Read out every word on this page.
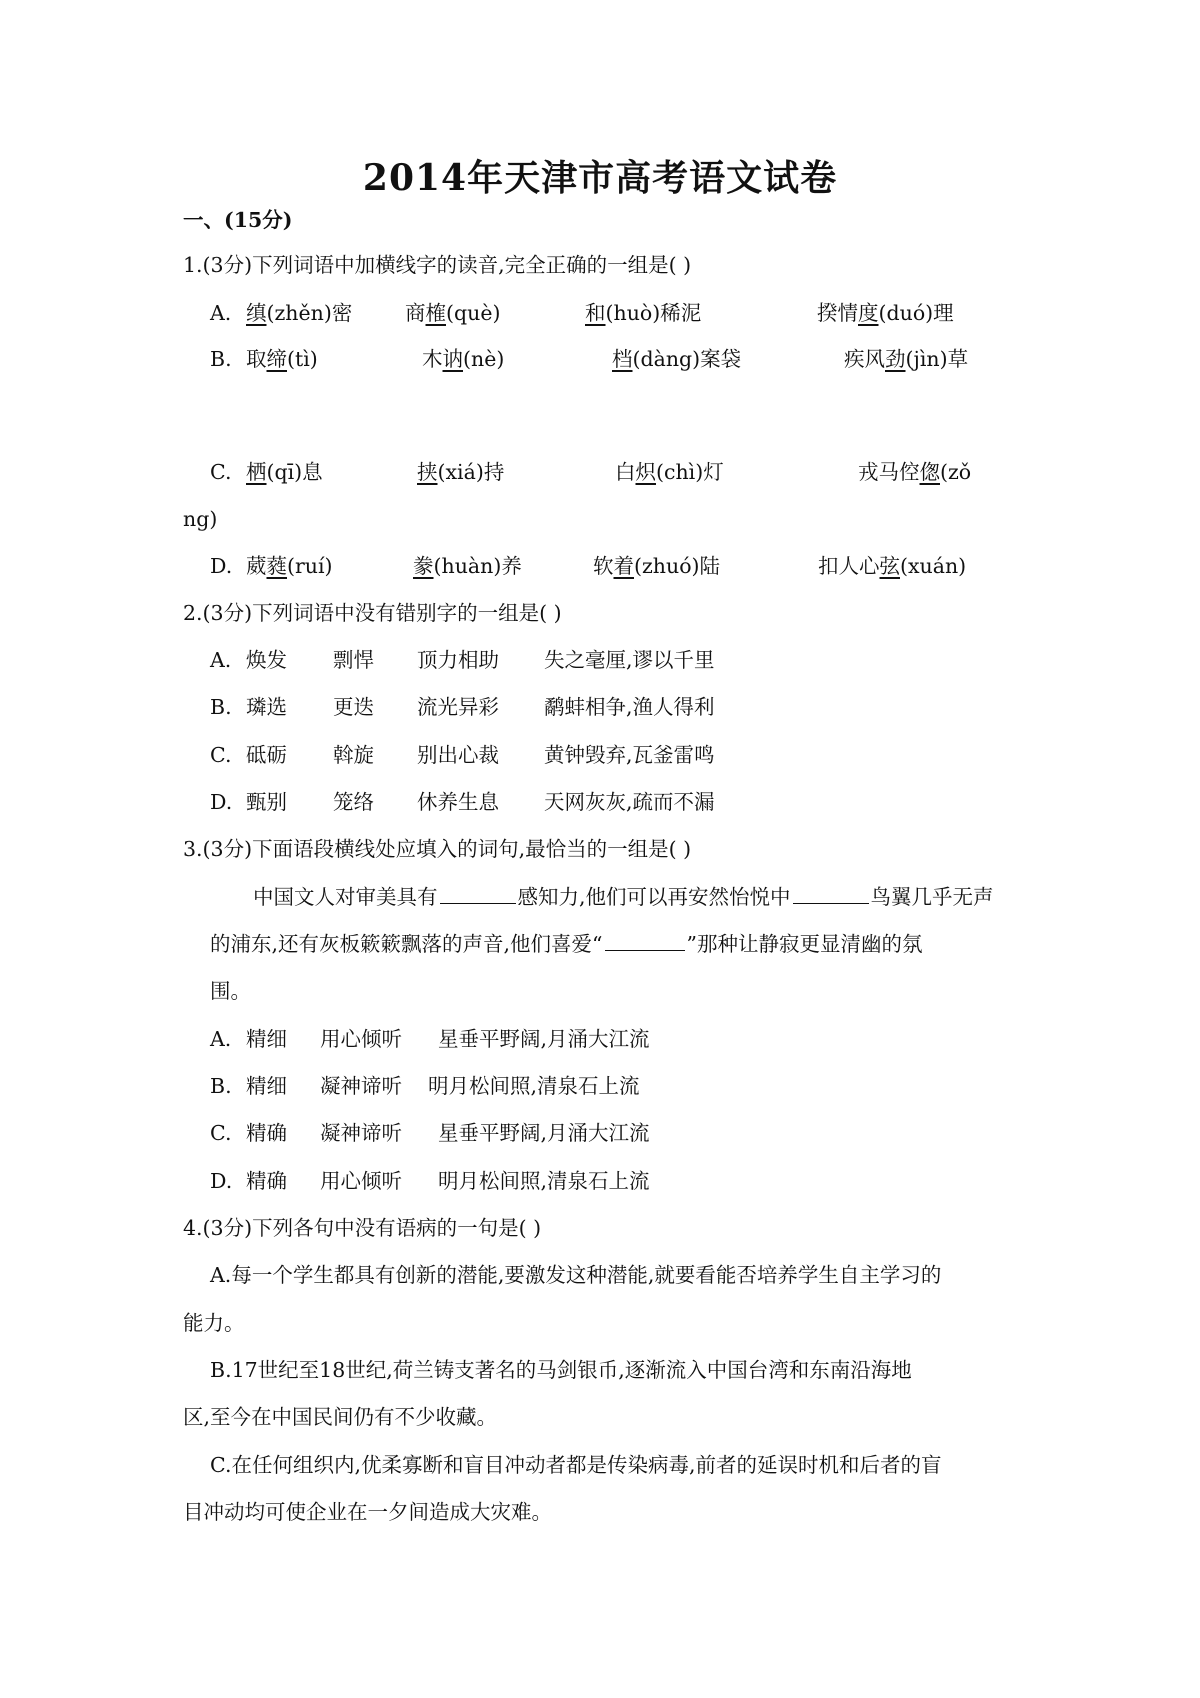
2014年天津市高考语文试卷
一、(15分)
1.(3分)下列词语中加横线字的读音,完全正确的一组是( )
A. 缜(zhěn)密	商榷(què)	和(huò)稀泥	揆情度(duó)理
B. 取缔(tì)	木讷(nè)	档(dàng)案袋	疾风劲(jìn)草
C. 栖(qī)息	挟(xiá)持	白炽(chì)灯	戎马倥偬(zǒ
ng)
D. 葳蕤(ruí)	豢(huàn)养	软着(zhuó)陆	扣人心弦(xuán)
2.(3分)下列词语中没有错别字的一组是( )
A. 焕发 剽悍 顶力相助 失之毫厘,谬以千里
B. 璘选 更迭 流光异彩 鹬蚌相争,渔人得利
C. 砥砺 斡旋 别出心裁 黄钟毁弃,瓦釜雷鸣
D. 甄别 笼络 休养生息 天网灰灰,疏而不漏
3.(3分)下面语段横线处应填入的词句,最恰当的一组是( )
中国文人对审美具有	感知力,他们可以再安然怡悦中	鸟翼几乎无声
的浦东,还有灰板簌簌飘落的声音,他们喜爱“	”那种让静寂更显清幽的氛
围。
A. 精细 用心倾听 星垂平野阔,月涌大江流
B. 精细 凝神谛听 明月松间照,清泉石上流
C. 精确 凝神谛听 星垂平野阔,月涌大江流
D. 精确 用心倾听 明月松间照,清泉石上流
4.(3分)下列各句中没有语病的一句是( )
A.每一个学生都具有创新的潜能,要激发这种潜能,就要看能否培养学生自主学习的
能力。
B.17世纪至18世纪,荷兰铸支著名的马剑银币,逐渐流入中国台湾和东南沿海地
区,至今在中国民间仍有不少收藏。
C.在任何组织内,优柔寡断和盲目冲动者都是传染病毒,前者的延误时机和后者的盲
目冲动均可使企业在一夕间造成大灾难。
